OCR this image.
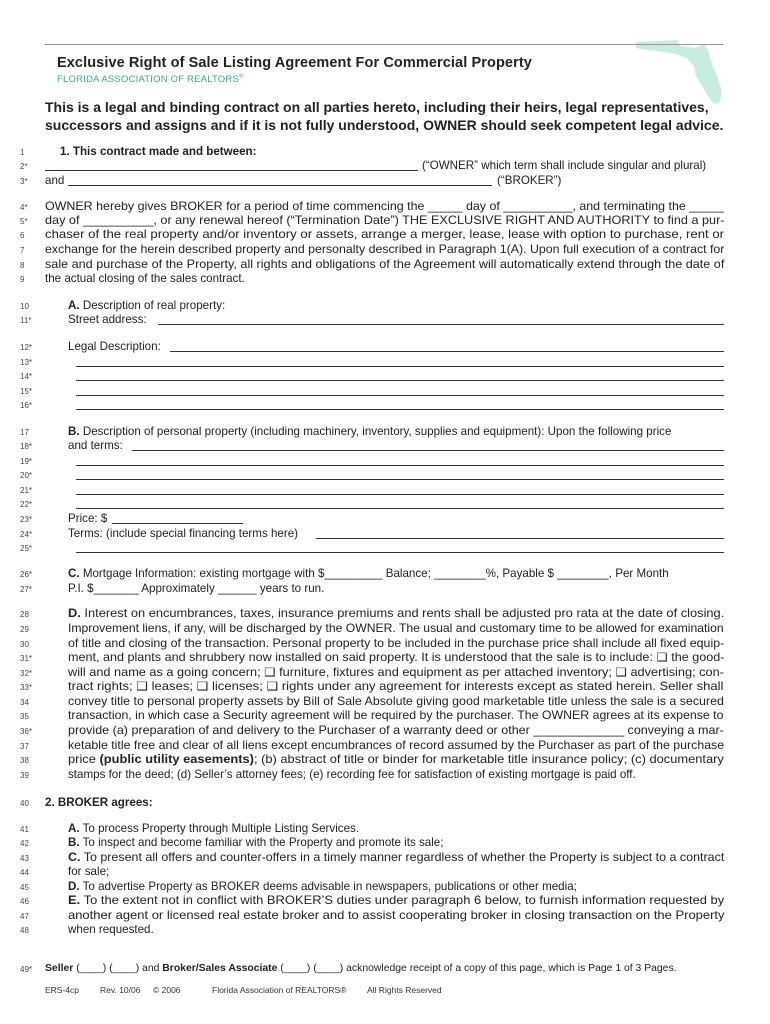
Exclusive Right of Sale Listing Agreement For Commercial Property
FLORIDA ASSOCIATION OF REALTORS®
This is a legal and binding contract on all parties hereto, including their heirs, legal representatives,
successors and assigns and if it is not fully understood, OWNER should seek competent legal advice.
1	1. This contract made and between:
2*	(“OWNER” which term shall include singular and plural)
3*	and	(“BROKER”)
4*	OWNER hereby gives BROKER for a period of time commencing the _____ day of __________, and terminating the _____
5*	day of __________, or any renewal hereof (“Termination Date”) THE EXCLUSIVE RIGHT AND AUTHORITY to find a pur-
6	chaser of the real property and/or inventory or assets, arrange a merger, lease, lease with option to purchase, rent or
7	exchange for the herein described property and personalty described in Paragraph 1(A). Upon full execution of a contract for
8	sale and purchase of the Property, all rights and obligations of the Agreement will automatically extend through the date of
9	the actual closing of the sales contract.
10	A. Description of real property:
11*	Street address:
12*	Legal Description:
13*
14*
15*
16*
17	B. Description of personal property (including machinery, inventory, supplies and equipment): Upon the following price
18*	and terms:
19*
20*
21*
22*
23*	Price: $
24*	Terms: (include special financing terms here)
25*
26*	C. Mortgage Information: existing mortgage with $_________ Balance; ________%, Payable $ ________, Per Month
27*	P.I. $_______ Approximately ______ years to run.
28	D. Interest on encumbrances, taxes, insurance premiums and rents shall be adjusted pro rata at the date of closing.
29	Improvement liens, if any, will be discharged by the OWNER. The usual and customary time to be allowed for examination
30	of title and closing of the transaction. Personal property to be included in the purchase price shall include all fixed equip-
31*	ment, and plants and shrubbery now installed on said property. It is understood that the sale is to include: ❑ the good-
32*	will and name as a going concern; ❑ furniture, fixtures and equipment as per attached inventory; ❑ advertising; con-
33*	tract rights; ❑ leases; ❑ licenses; ❑ rights under any agreement for interests except as stated herein. Seller shall
34	convey title to personal property assets by Bill of Sale Absolute giving good marketable title unless the sale is a secured
35	transaction, in which case a Security agreement will be required by the purchaser. The OWNER agrees at its expense to
36*	provide (a) preparation of and delivery to the Purchaser of a warranty deed or other _____________ conveying a mar-
37	ketable title free and clear of all liens except encumbrances of record assumed by the Purchaser as part of the purchase
38	price (public utility easements); (b) abstract of title or binder for marketable title insurance policy; (c) documentary
39	stamps for the deed; (d) Seller’s attorney fees; (e) recording fee for satisfaction of existing mortgage is paid off.
40	2. BROKER agrees:
41	A. To process Property through Multiple Listing Services.
42	B. To inspect and become familiar with the Property and promote its sale;
43	C. To present all offers and counter-offers in a timely manner regardless of whether the Property is subject to a contract
44	for sale;
45	D. To advertise Property as BROKER deems advisable in newspapers, publications or other media;
46	E. To the extent not in conflict with BROKER’S duties under paragraph 6 below, to furnish information requested by
47	another agent or licensed real estate broker and to assist cooperating broker in closing transaction on the Property
48	when requested.
49*	Seller (____) (____) and Broker/Sales Associate (____) (____) acknowledge receipt of a copy of this page, which is Page 1 of 3 Pages.
ERS-4cp Rev. 10/06 © 2006	Florida Association of REALTORS® All Rights Reserved
